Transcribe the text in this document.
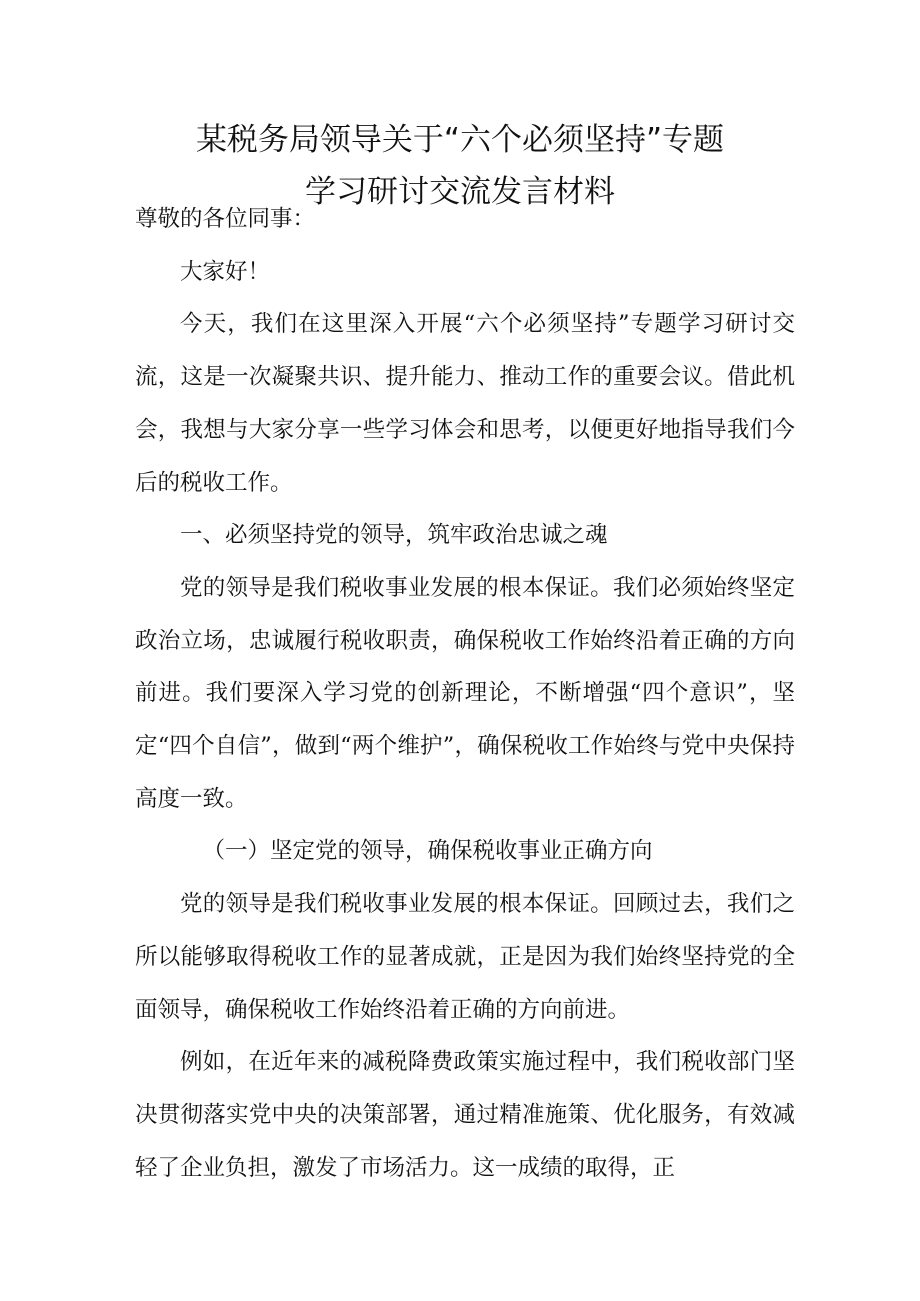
某税务局领导关于“六个必须坚持”专题
学习研讨交流发言材料

尊敬的各位同事：

大家好！

今天，我们在这里深入开展“六个必须坚持”专题学习研讨交流，这是一次凝聚共识、提升能力、推动工作的重要会议。借此机会，我想与大家分享一些学习体会和思考，以便更好地指导我们今后的税收工作。

一、必须坚持党的领导，筑牢政治忠诚之魂

党的领导是我们税收事业发展的根本保证。我们必须始终坚定政治立场，忠诚履行税收职责，确保税收工作始终沿着正确的方向前进。我们要深入学习党的创新理论，不断增强“四个意识”，坚定“四个自信”，做到“两个维护”，确保税收工作始终与党中央保持高度一致。

（一）坚定党的领导，确保税收事业正确方向

党的领导是我们税收事业发展的根本保证。回顾过去，我们之所以能够取得税收工作的显著成就，正是因为我们始终坚持党的全面领导，确保税收工作始终沿着正确的方向前进。

例如，在近年来的减税降费政策实施过程中，我们税收部门坚决贯彻落实党中央的决策部署，通过精准施策、优化服务，有效减轻了企业负担，激发了市场活力。这一成绩的取得，正
